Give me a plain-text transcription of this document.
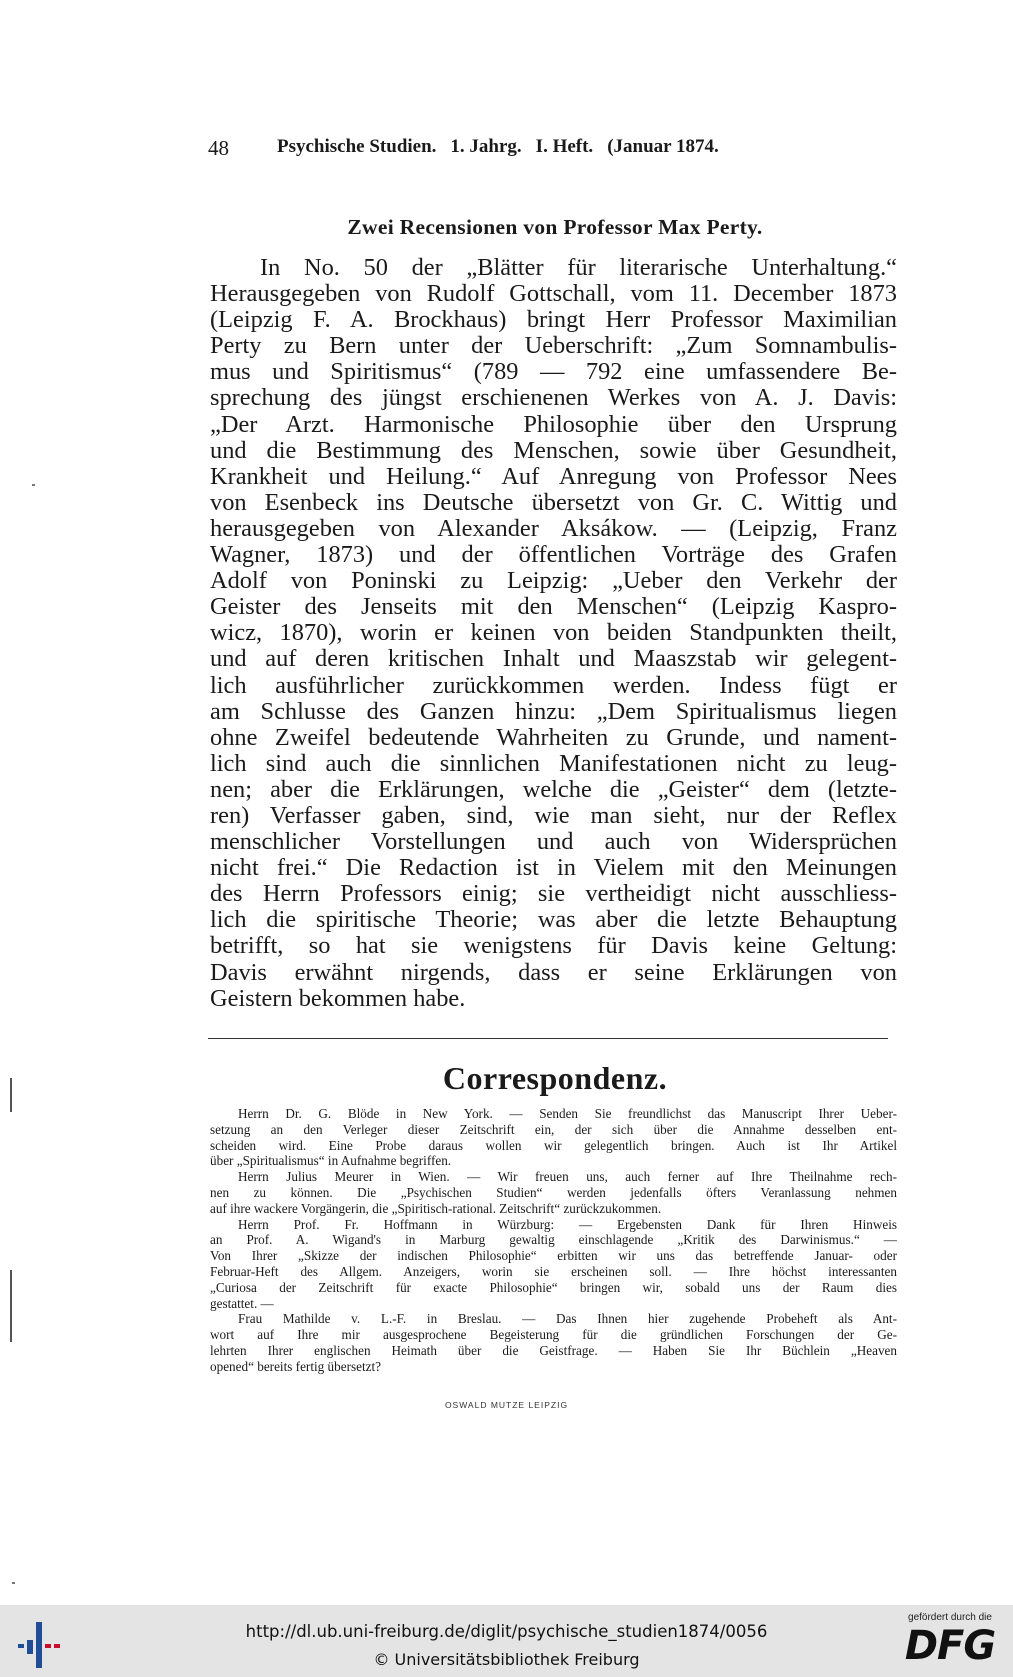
48	Psychische Studien. 1. Jahrg. I. Heft. (Januar 1874.
Zwei Recensionen von Professor Max Perty.
In No. 50 der „Blätter für literarische Unterhaltung.“
Herausgegeben von Rudolf Gottschall, vom 11. December 1873
(Leipzig F. A. Brockhaus) bringt Herr Professor Maximilian
Perty zu Bern unter der Ueberschrift: „Zum Somnambulis-
mus und Spiritismus“ (789 — 792 eine umfassendere Be-
sprechung des jüngst erschienenen Werkes von A. J. Davis:
„Der Arzt. Harmonische Philosophie über den Ursprung
und die Bestimmung des Menschen, sowie über Gesundheit,
Krankheit und Heilung.“ Auf Anregung von Professor Nees
von Esenbeck ins Deutsche übersetzt von Gr. C. Wittig und
herausgegeben von Alexander Aksákow. — (Leipzig, Franz
Wagner, 1873) und der öffentlichen Vorträge des Grafen
Adolf von Poninski zu Leipzig: „Ueber den Verkehr der
Geister des Jenseits mit den Menschen“ (Leipzig Kaspro-
wicz, 1870), worin er keinen von beiden Standpunkten theilt,
und auf deren kritischen Inhalt und Maaszstab wir gelegent-
lich ausführlicher zurückkommen werden. Indess fügt er
am Schlusse des Ganzen hinzu: „Dem Spiritualismus liegen
ohne Zweifel bedeutende Wahrheiten zu Grunde, und nament-
lich sind auch die sinnlichen Manifestationen nicht zu leug-
nen; aber die Erklärungen, welche die „Geister“ dem (letzte-
ren) Verfasser gaben, sind, wie man sieht, nur der Reflex
menschlicher Vorstellungen und auch von Widersprüchen
nicht frei.“ Die Redaction ist in Vielem mit den Meinungen
des Herrn Professors einig; sie vertheidigt nicht ausschliess-
lich die spiritische Theorie; was aber die letzte Behauptung
betrifft, so hat sie wenigstens für Davis keine Geltung:
Davis erwähnt nirgends, dass er seine Erklärungen von
Geistern bekommen habe.
Correspondenz.
Herrn Dr. G. Blöde in New York. — Senden Sie freundlichst das Manuscript Ihrer Ueber-
setzung an den Verleger dieser Zeitschrift ein, der sich über die Annahme desselben ent-
scheiden wird. Eine Probe daraus wollen wir gelegentlich bringen. Auch ist Ihr Artikel
über „Spiritualismus“ in Aufnahme begriffen.
Herrn Julius Meurer in Wien. — Wir freuen uns, auch ferner auf Ihre Theilnahme rech-
nen zu können. Die „Psychischen Studien“ werden jedenfalls öfters Veranlassung nehmen
auf ihre wackere Vorgängerin, die „Spiritisch-rational. Zeitschrift“ zurückzukommen.
Herrn Prof. Fr. Hoffmann in Würzburg: — Ergebensten Dank für Ihren Hinweis
an Prof. A. Wigand's in Marburg gewaltig einschlagende „Kritik des Darwinismus.“ —
Von Ihrer „Skizze der indischen Philosophie“ erbitten wir uns das betreffende Januar- oder
Februar-Heft des Allgem. Anzeigers, worin sie erscheinen soll. — Ihre höchst interessanten
„Curiosa der Zeitschrift für exacte Philosophie“ bringen wir, sobald uns der Raum dies
gestattet. —
Frau Mathilde v. L.-F. in Breslau. — Das Ihnen hier zugehende Probeheft als Ant-
wort auf Ihre mir ausgesprochene Begeisterung für die gründlichen Forschungen der Ge-
lehrten Ihrer englischen Heimath über die Geistfrage. — Haben Sie Ihr Büchlein „Heaven
opened“ bereits fertig übersetzt?
OSWALD MUTZE LEIPZIG
http://dl.ub.uni-freiburg.de/diglit/psychische_studien1874/0056
© Universitätsbibliothek Freiburg
gefördert durch die
DFG
